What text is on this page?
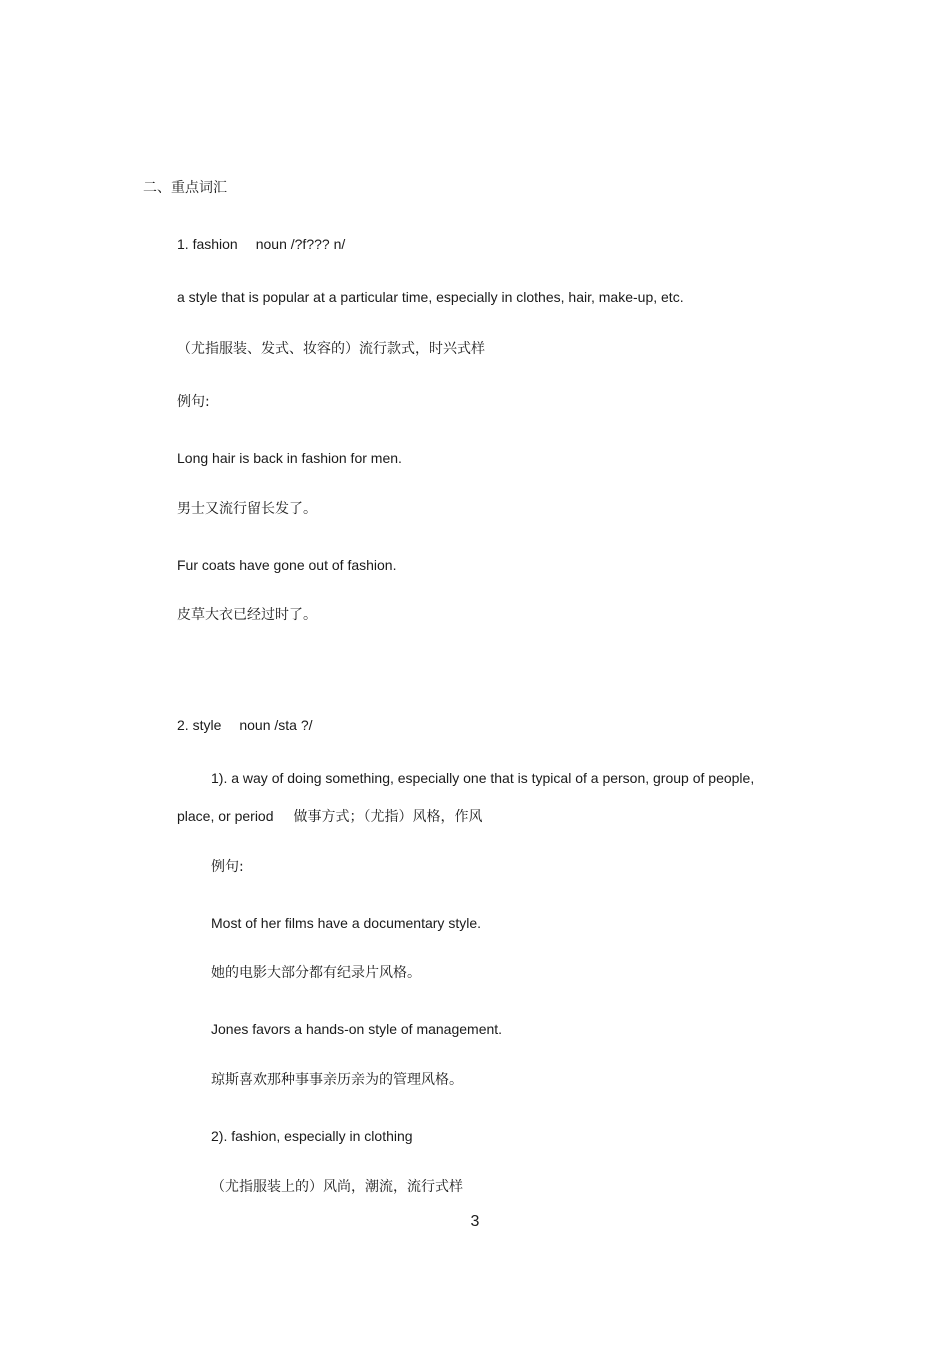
二、重点词汇
1. fashion noun /?f??? n/
a style that is popular at a particular time, especially in clothes, hair, make-up, etc.
（尤指服装、发式、妆容的）流行款式，时兴式样
例句:
Long hair is back in fashion for men.
男士又流行留长发了。
Fur coats have gone out of fashion.
皮草大衣已经过时了。
2. style noun /sta ?/
1). a way of doing something, especially one that is typical of a person, group of people,
place, or period 做事方式；（尤指）风格，作风
例句:
Most of her films have a documentary style.
她的电影大部分都有纪录片风格。
Jones favors a hands-on style of management.
琼斯喜欢那种事事亲历亲为的管理风格。
2). fashion, especially in clothing
（尤指服装上的）风尚，潮流，流行式样
3
